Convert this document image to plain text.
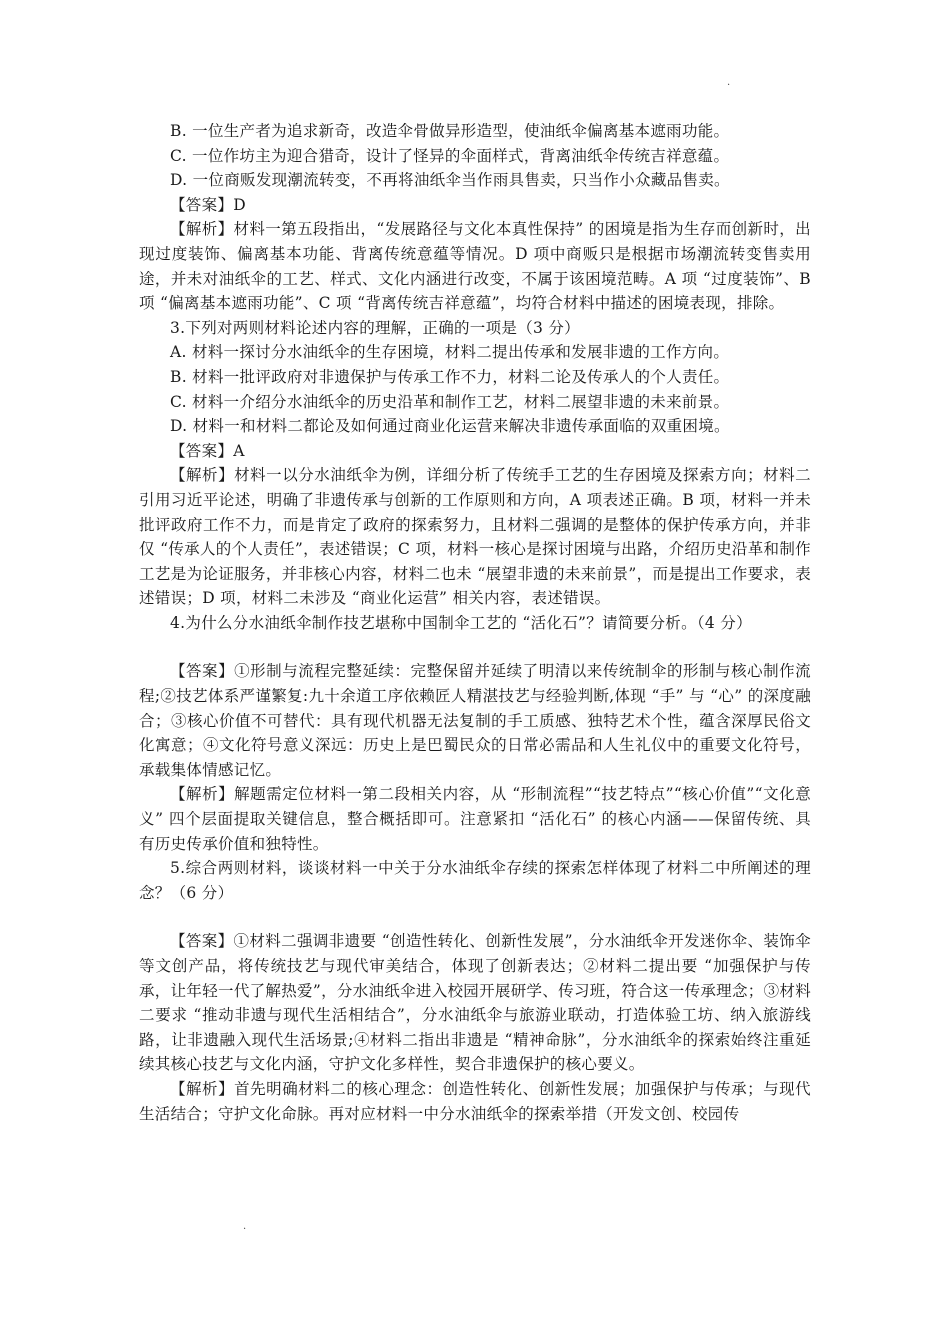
.

B. 一位生产者为追求新奇，改造伞骨做异形造型，使油纸伞偏离基本遮雨功能。

C. 一位作坊主为迎合猎奇，设计了怪异的伞面样式，背离油纸伞传统吉祥意蕴。

D. 一位商贩发现潮流转变，不再将油纸伞当作雨具售卖，只当作小众藏品售卖。

【答案】D

【解析】材料一第五段指出，“发展路径与文化本真性保持” 的困境是指为生存而创新时，出现过度装饰、偏离基本功能、背离传统意蕴等情况。D 项中商贩只是根据市场潮流转变售卖用途，并未对油纸伞的工艺、样式、文化内涵进行改变，不属于该困境范畴。A 项 “过度装饰”、B 项 “偏离基本遮雨功能”、C 项 “背离传统吉祥意蕴”，均符合材料中描述的困境表现，排除。

3.下列对两则材料论述内容的理解，正确的一项是（3 分）

A. 材料一探讨分水油纸伞的生存困境，材料二提出传承和发展非遗的工作方向。

B. 材料一批评政府对非遗保护与传承工作不力，材料二论及传承人的个人责任。

C. 材料一介绍分水油纸伞的历史沿革和制作工艺，材料二展望非遗的未来前景。

D. 材料一和材料二都论及如何通过商业化运营来解决非遗传承面临的双重困境。

【答案】A

【解析】材料一以分水油纸伞为例，详细分析了传统手工艺的生存困境及探索方向；材料二引用习近平论述，明确了非遗传承与创新的工作原则和方向，A 项表述正确。B 项，材料一并未批评政府工作不力，而是肯定了政府的探索努力，且材料二强调的是整体的保护传承方向，并非仅 “传承人的个人责任”，表述错误；C 项，材料一核心是探讨困境与出路，介绍历史沿革和制作工艺是为论证服务，并非核心内容，材料二也未 “展望非遗的未来前景”，而是提出工作要求，表述错误；D 项，材料二未涉及 “商业化运营” 相关内容，表述错误。

4.为什么分水油纸伞制作技艺堪称中国制伞工艺的 “活化石”？请简要分析。（4 分）

【答案】①形制与流程完整延续：完整保留并延续了明清以来传统制伞的形制与核心制作流程;②技艺体系严谨繁复:九十余道工序依赖匠人精湛技艺与经验判断,体现 “手” 与 “心” 的深度融合；③核心价值不可替代：具有现代机器无法复制的手工质感、独特艺术个性，蕴含深厚民俗文化寓意；④文化符号意义深远：历史上是巴蜀民众的日常必需品和人生礼仪中的重要文化符号，承载集体情感记忆。

【解析】解题需定位材料一第二段相关内容，从 “形制流程”“技艺特点”“核心价值”“文化意义” 四个层面提取关键信息，整合概括即可。注意紧扣 “活化石” 的核心内涵——保留传统、具有历史传承价值和独特性。

5.综合两则材料，谈谈材料一中关于分水油纸伞存续的探索怎样体现了材料二中所阐述的理念？（6 分）

【答案】①材料二强调非遗要 “创造性转化、创新性发展”，分水油纸伞开发迷你伞、装饰伞等文创产品，将传统技艺与现代审美结合，体现了创新表达；②材料二提出要 “加强保护与传承，让年轻一代了解热爱”，分水油纸伞进入校园开展研学、传习班，符合这一传承理念；③材料二要求 “推动非遗与现代生活相结合”，分水油纸伞与旅游业联动，打造体验工坊、纳入旅游线路，让非遗融入现代生活场景;④材料二指出非遗是 “精神命脉”，分水油纸伞的探索始终注重延续其核心技艺与文化内涵，守护文化多样性，契合非遗保护的核心要义。

【解析】首先明确材料二的核心理念：创造性转化、创新性发展；加强保护与传承；与现代生活结合；守护文化命脉。再对应材料一中分水油纸伞的探索举措（开发文创、校园传

.
